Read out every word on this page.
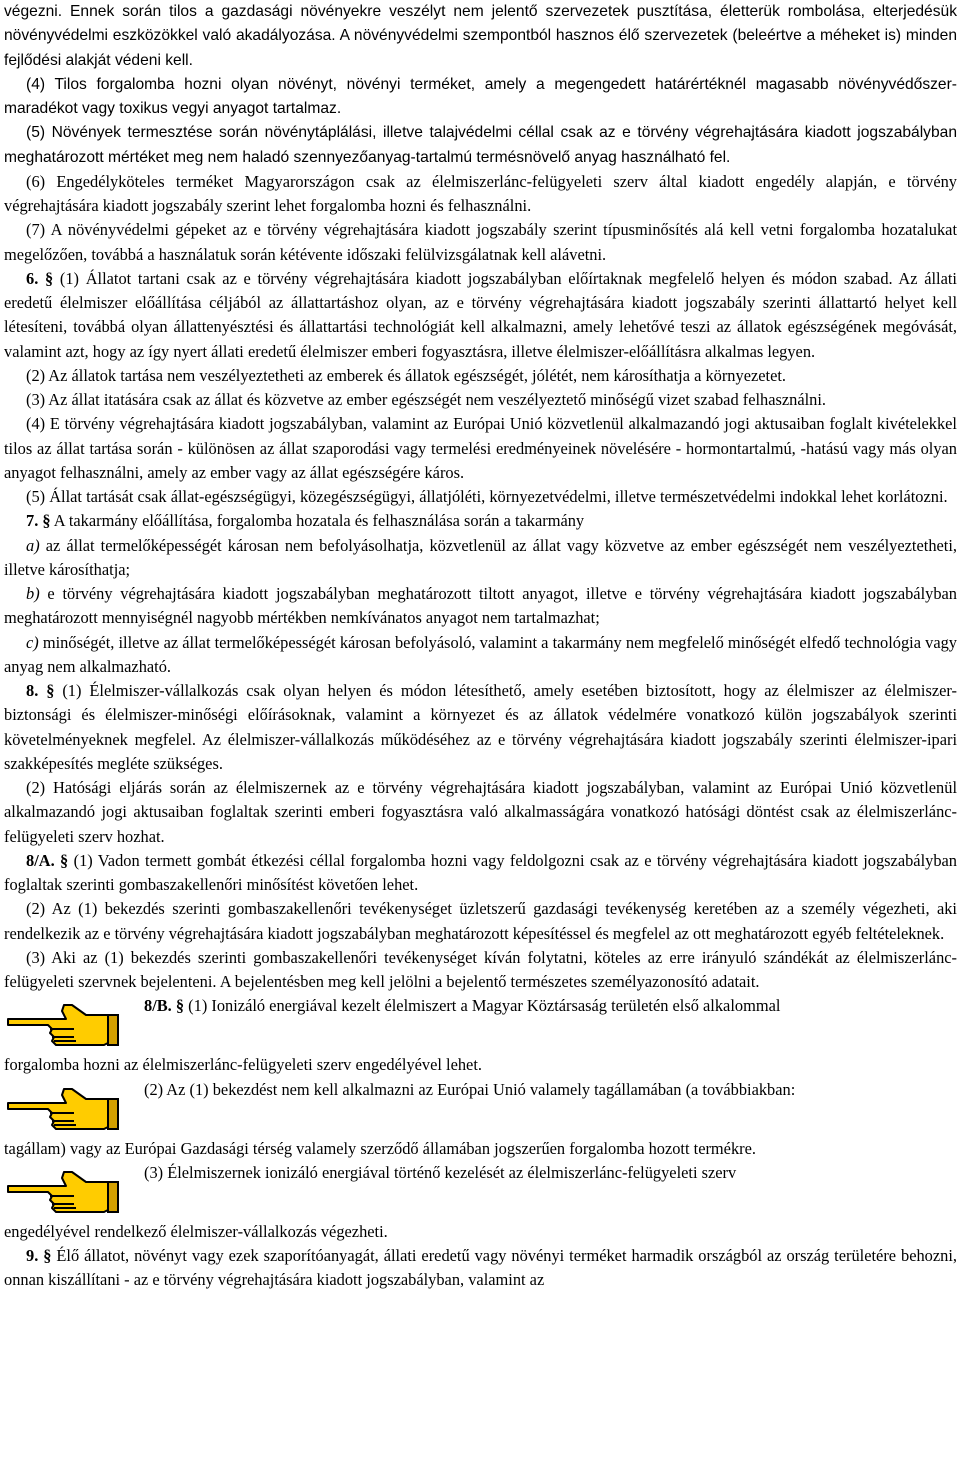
végezni. Ennek során tilos a gazdasági növényekre veszélyt nem jelentő szervezetek pusztítása, életterük rombolása, elterjedésük növényvédelmi eszközökkel való akadályozása. A növényvédelmi szempontból hasznos élő szervezetek (beleértve a méheket is) minden fejlődési alakját védeni kell.

(4) Tilos forgalomba hozni olyan növényt, növényi terméket, amely a megengedett határértéknél magasabb növényvédőszer-maradékot vagy toxikus vegyi anyagot tartalmaz.

(5) Növények termesztése során növénytáplálási, illetve talajvédelmi céllal csak az e törvény végrehajtására kiadott jogszabályban meghatározott mértéket meg nem haladó szennyezőanyag-tartalmú termésnövelő anyag használható fel.

(6) Engedélyköteles terméket Magyarországon csak az élelmiszerlánc-felügyeleti szerv által kiadott engedély alapján, e törvény végrehajtására kiadott jogszabály szerint lehet forgalomba hozni és felhasználni.

(7) A növényvédelmi gépeket az e törvény végrehajtására kiadott jogszabály szerint típusminősítés alá kell vetni forgalomba hozatalukat megelőzően, továbbá a használatuk során kétévente időszaki felülvizsgálatnak kell alávetni.

6. § (1) Állatot tartani csak az e törvény végrehajtására kiadott jogszabályban előírtaknak megfelelő helyen és módon szabad. Az állati eredetű élelmiszer előállítása céljából az állattartáshoz olyan, az e törvény végrehajtására kiadott jogszabály szerinti állattartó helyet kell létesíteni, továbbá olyan állattenyésztési és állattartási technológiát kell alkalmazni, amely lehetővé teszi az állatok egészségének megóvását, valamint azt, hogy az így nyert állati eredetű élelmiszer emberi fogyasztásra, illetve élelmiszer-előállításra alkalmas legyen.

(2) Az állatok tartása nem veszélyeztetheti az emberek és állatok egészségét, jólétét, nem károsíthatja a környezetet.

(3) Az állat itatására csak az állat és közvetve az ember egészségét nem veszélyeztető minőségű vizet szabad felhasználni.

(4) E törvény végrehajtására kiadott jogszabályban, valamint az Európai Unió közvetlenül alkalmazandó jogi aktusaiban foglalt kivételekkel tilos az állat tartása során - különösen az állat szaporodási vagy termelési eredményeinek növelésére - hormontartalmú, -hatású vagy más olyan anyagot felhasználni, amely az ember vagy az állat egészségére káros.

(5) Állat tartását csak állat-egészségügyi, közegészségügyi, állatjóléti, környezetvédelmi, illetve természetvédelmi indokkal lehet korlátozni.

7. § A takarmány előállítása, forgalomba hozatala és felhasználása során a takarmány

a) az állat termelőképességét károsan nem befolyásolhatja, közvetlenül az állat vagy közvetve az ember egészségét nem veszélyeztetheti, illetve károsíthatja;

b) e törvény végrehajtására kiadott jogszabályban meghatározott tiltott anyagot, illetve e törvény végrehajtására kiadott jogszabályban meghatározott mennyiségnél nagyobb mértékben nemkívánatos anyagot nem tartalmazhat;

c) minőségét, illetve az állat termelőképességét károsan befolyásoló, valamint a takarmány nem megfelelő minőségét elfedő technológia vagy anyag nem alkalmazható.

8. § (1) Élelmiszer-vállalkozás csak olyan helyen és módon létesíthető, amely esetében biztosított, hogy az élelmiszer az élelmiszer-biztonsági és élelmiszer-minőségi előírásoknak, valamint a környezet és az állatok védelmére vonatkozó külön jogszabályok szerinti követelményeknek megfelel. Az élelmiszer-vállalkozás működéséhez az e törvény végrehajtására kiadott jogszabály szerinti élelmiszer-ipari szakképesítés megléte szükséges.

(2) Hatósági eljárás során az élelmiszernek az e törvény végrehajtására kiadott jogszabályban, valamint az Európai Unió közvetlenül alkalmazandó jogi aktusaiban foglaltak szerinti emberi fogyasztásra való alkalmasságára vonatkozó hatósági döntést csak az élelmiszerlánc-felügyeleti szerv hozhat.

8/A. § (1) Vadon termett gombát étkezési céllal forgalomba hozni vagy feldolgozni csak az e törvény végrehajtására kiadott jogszabályban foglaltak szerinti gombaszakellenőri minősítést követően lehet.

(2) Az (1) bekezdés szerinti gombaszakellenőri tevékenységet üzletszerű gazdasági tevékenység keretében az a személy végezheti, aki rendelkezik az e törvény végrehajtására kiadott jogszabályban meghatározott képesítéssel és megfelel az ott meghatározott egyéb feltételeknek.

(3) Aki az (1) bekezdés szerinti gombaszakellenőri tevékenységet kíván folytatni, köteles az erre irányuló szándékát az élelmiszerlánc-felügyeleti szervnek bejelenteni. A bejelentésben meg kell jelölni a bejelentő természetes személyazonosító adatait.

8/B. § (1) Ionizáló energiával kezelt élelmiszert a Magyar Köztársaság területén első alkalommal

forgalomba hozni az élelmiszerlánc-felügyeleti szerv engedélyével lehet.

(2) Az (1) bekezdést nem kell alkalmazni az Európai Unió valamely tagállamában (a továbbiakban:

tagállam) vagy az Európai Gazdasági térség valamely szerződő államában jogszerűen forgalomba hozott termékre.

(3) Élelmiszernek ionizáló energiával történő kezelését az élelmiszerlánc-felügyeleti szerv

engedélyével rendelkező élelmiszer-vállalkozás végezheti.

9. § Élő állatot, növényt vagy ezek szaporítóanyagát, állati eredetű vagy növényi terméket harmadik országból az ország területére behozni, onnan kiszállítani - az e törvény végrehajtására kiadott jogszabályban, valamint az
